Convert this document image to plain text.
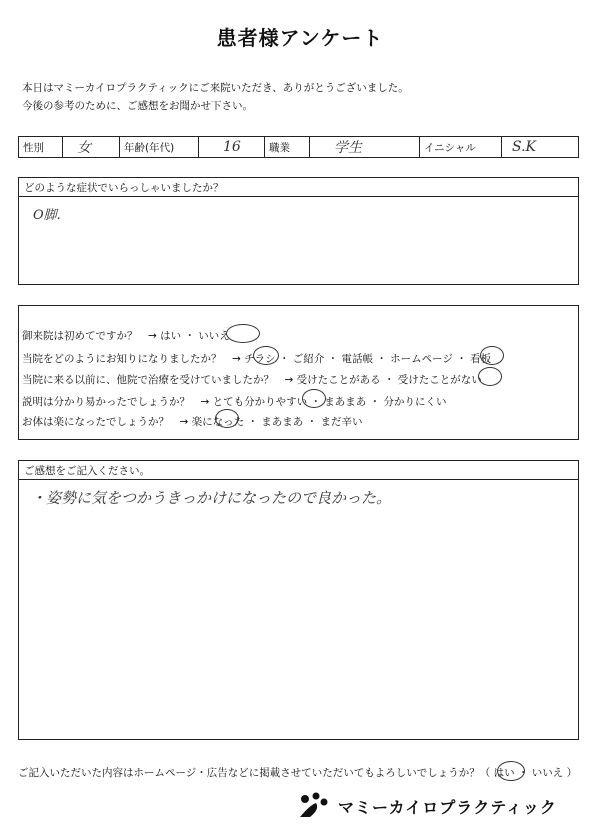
患者様アンケート
本日はマミーカイロプラクティックにご来院いただき、ありがとうございました。
今後の参考のために、ご感想をお聞かせ下さい。
性別	女	年齢(年代)	16	職業	学生	イニシャル	S.K
どのような症状でいらっしゃいましたか？
O脚.
御来院は初めてですか？　→ はい ・ いいえ
当院をどのようにお知りになりましたか？　→ チラシ ・ ご紹介 ・ 電話帳 ・ ホームページ ・ 看板
当院に来る以前に、他院で治療を受けていましたか？　→ 受けたことがある ・ 受けたことがない
説明は分かり易かったでしょうか？　→ とても分かりやすい ・ まあまあ ・ 分かりにくい
お体は楽になったでしょうか？　→ 楽になった ・ まあまあ ・ まだ辛い
ご感想をご記入ください。
・姿勢に気をつかうきっかけになったので良かった。
ご記入いただいた内容はホームページ・広告などに掲載させていただいてもよろしいでしょうか？（ はい ・ いいえ ）
マミーカイロプラクティック
